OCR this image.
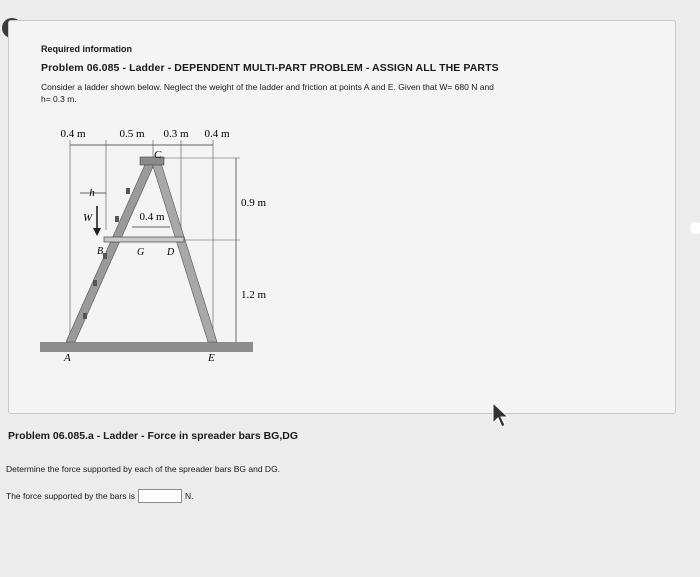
Required information
Problem 06.085 - Ladder - DEPENDENT MULTI-PART PROBLEM - ASSIGN ALL THE PARTS
Consider a ladder shown below. Neglect the weight of the ladder and friction at points A and E. Given that W= 680 N and
h= 0.3 m.
0.4 m	0.5 m 0.3 m 0.4 m
h
W	0.4 m
0.9 m
1.2 m
C
B	G D
A	E
Problem 06.085.a - Ladder - Force in spreader bars BG,DG
Determine the force supported by each of the spreader bars BG and DG.
The force supported by the bars is	N.
